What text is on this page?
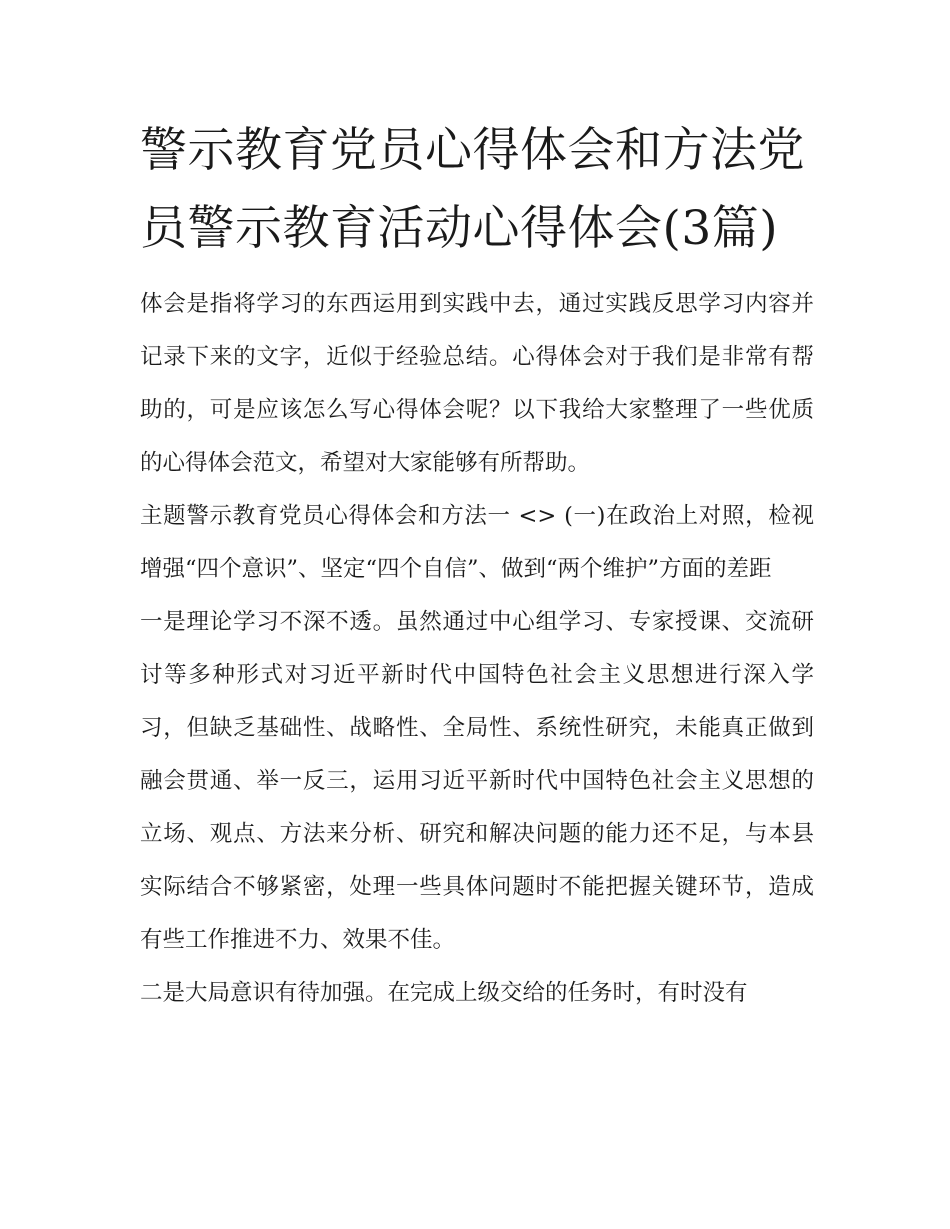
警示教育党员心得体会和方法党员警示教育活动心得体会(3篇)

体会是指将学习的东西运用到实践中去，通过实践反思学习内容并记录下来的文字，近似于经验总结。心得体会对于我们是非常有帮助的，可是应该怎么写心得体会呢？以下我给大家整理了一些优质的心得体会范文，希望对大家能够有所帮助。

主题警示教育党员心得体会和方法一 <> (一)在政治上对照，检视增强“四个意识”、坚定“四个自信”、做到“两个维护”方面的差距

一是理论学习不深不透。虽然通过中心组学习、专家授课、交流研讨等多种形式对习近平新时代中国特色社会主义思想进行深入学习，但缺乏基础性、战略性、全局性、系统性研究，未能真正做到融会贯通、举一反三，运用习近平新时代中国特色社会主义思想的立场、观点、方法来分析、研究和解决问题的能力还不足，与本县实际结合不够紧密，处理一些具体问题时不能把握关键环节，造成有些工作推进不力、效果不佳。

二是大局意识有待加强。在完成上级交给的任务时，有时没有
